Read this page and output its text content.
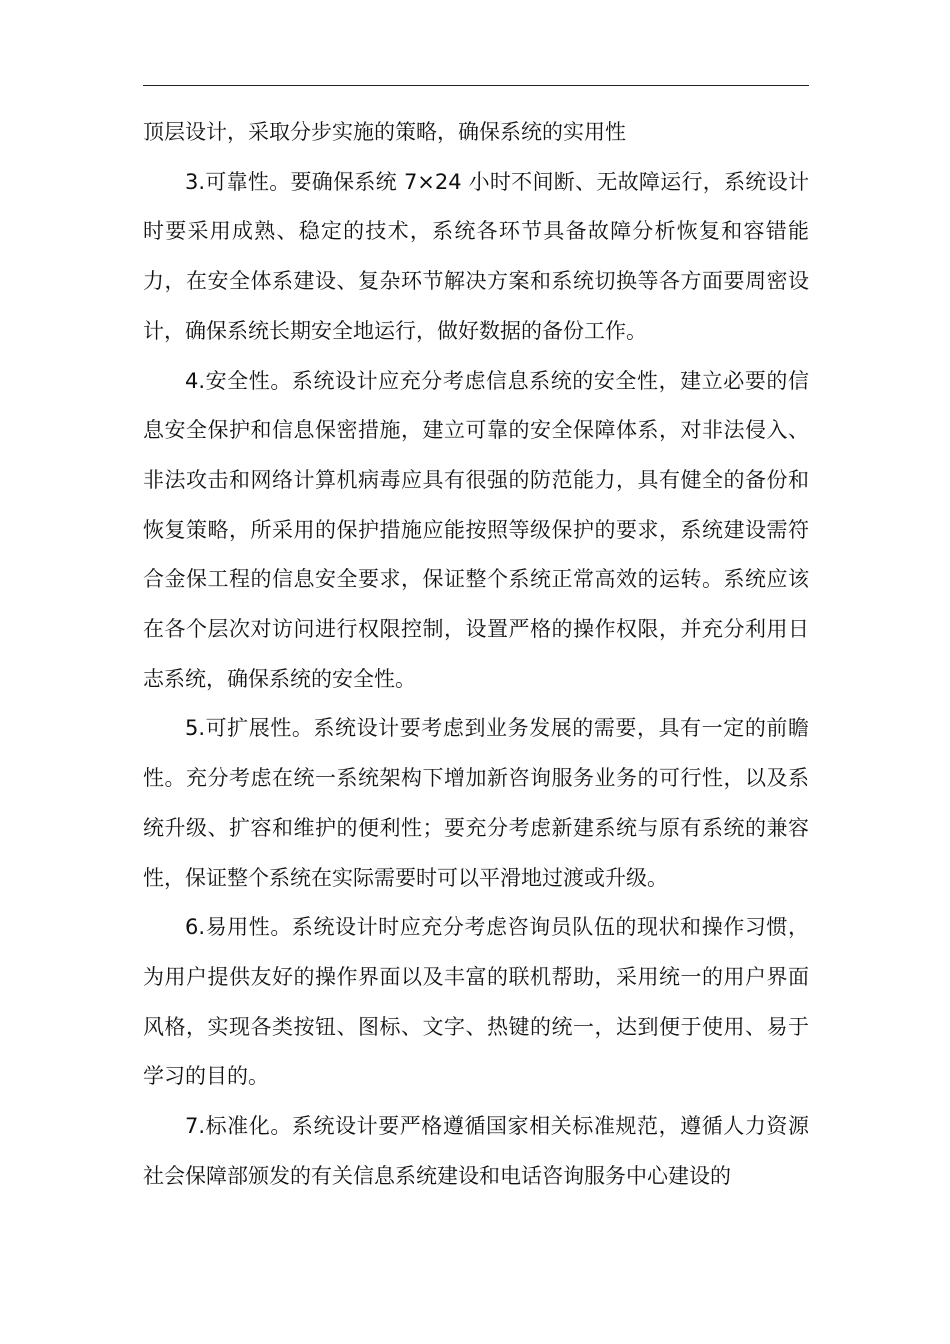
顶层设计，采取分步实施的策略，确保系统的实用性

3.可靠性。要确保系统 7×24 小时不间断、无故障运行，系统设计时要采用成熟、稳定的技术，系统各环节具备故障分析恢复和容错能力，在安全体系建设、复杂环节解决方案和系统切换等各方面要周密设计，确保系统长期安全地运行，做好数据的备份工作。

4.安全性。系统设计应充分考虑信息系统的安全性，建立必要的信息安全保护和信息保密措施，建立可靠的安全保障体系，对非法侵入、非法攻击和网络计算机病毒应具有很强的防范能力，具有健全的备份和恢复策略，所采用的保护措施应能按照等级保护的要求，系统建设需符合金保工程的信息安全要求，保证整个系统正常高效的运转。系统应该在各个层次对访问进行权限控制，设置严格的操作权限，并充分利用日志系统，确保系统的安全性。

5.可扩展性。系统设计要考虑到业务发展的需要，具有一定的前瞻性。充分考虑在统一系统架构下增加新咨询服务业务的可行性，以及系统升级、扩容和维护的便利性；要充分考虑新建系统与原有系统的兼容性，保证整个系统在实际需要时可以平滑地过渡或升级。

6.易用性。系统设计时应充分考虑咨询员队伍的现状和操作习惯，为用户提供友好的操作界面以及丰富的联机帮助，采用统一的用户界面风格，实现各类按钮、图标、文字、热键的统一，达到便于使用、易于学习的目的。

7.标准化。系统设计要严格遵循国家相关标准规范，遵循人力资源社会保障部颁发的有关信息系统建设和电话咨询服务中心建设的
